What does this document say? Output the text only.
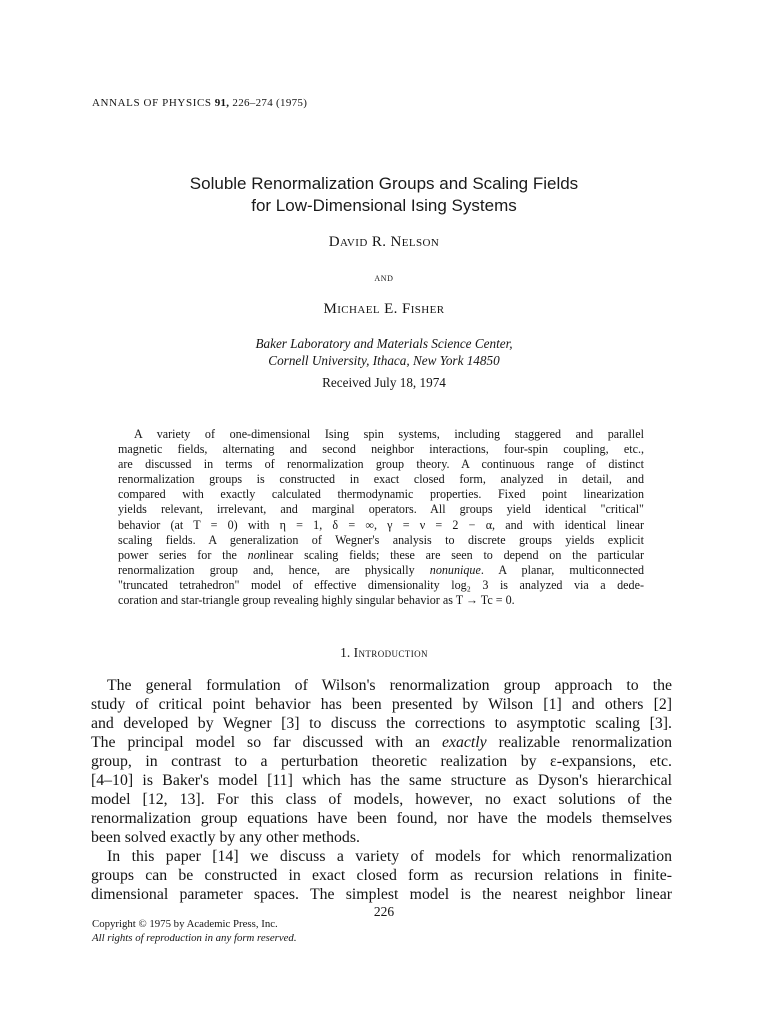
ANNALS OF PHYSICS 91, 226–274 (1975)
Soluble Renormalization Groups and Scaling Fields
for Low-Dimensional Ising Systems
David R. Nelson
and
Michael E. Fisher
Baker Laboratory and Materials Science Center,
Cornell University, Ithaca, New York 14850
Received July 18, 1974
A variety of one-dimensional Ising spin systems, including staggered and parallel
magnetic fields, alternating and second neighbor interactions, four-spin coupling, etc.,
are discussed in terms of renormalization group theory. A continuous range of distinct
renormalization groups is constructed in exact closed form, analyzed in detail, and
compared with exactly calculated thermodynamic properties. Fixed point linearization
yields relevant, irrelevant, and marginal operators. All groups yield identical "critical"
behavior (at T = 0) with η = 1, δ = ∞, γ = ν = 2 − α, and with identical linear
scaling fields. A generalization of Wegner's analysis to discrete groups yields explicit
power series for the nonlinear scaling fields; these are seen to depend on the particular
renormalization group and, hence, are physically nonunique. A planar, multiconnected
"truncated tetrahedron" model of effective dimensionality log₂ 3 is analyzed via a dede-
coration and star-triangle group revealing highly singular behavior as T → Tc = 0.
1. Introduction
The general formulation of Wilson's renormalization group approach to the
study of critical point behavior has been presented by Wilson [1] and others [2]
and developed by Wegner [3] to discuss the corrections to asymptotic scaling [3].
The principal model so far discussed with an exactly realizable renormalization
group, in contrast to a perturbation theoretic realization by ε-expansions, etc.
[4–10] is Baker's model [11] which has the same structure as Dyson's hierarchical
model [12, 13]. For this class of models, however, no exact solutions of the
renormalization group equations have been found, nor have the models themselves
been solved exactly by any other methods.
In this paper [14] we discuss a variety of models for which renormalization
groups can be constructed in exact closed form as recursion relations in finite-
dimensional parameter spaces. The simplest model is the nearest neighbor linear
226
Copyright © 1975 by Academic Press, Inc.
All rights of reproduction in any form reserved.
